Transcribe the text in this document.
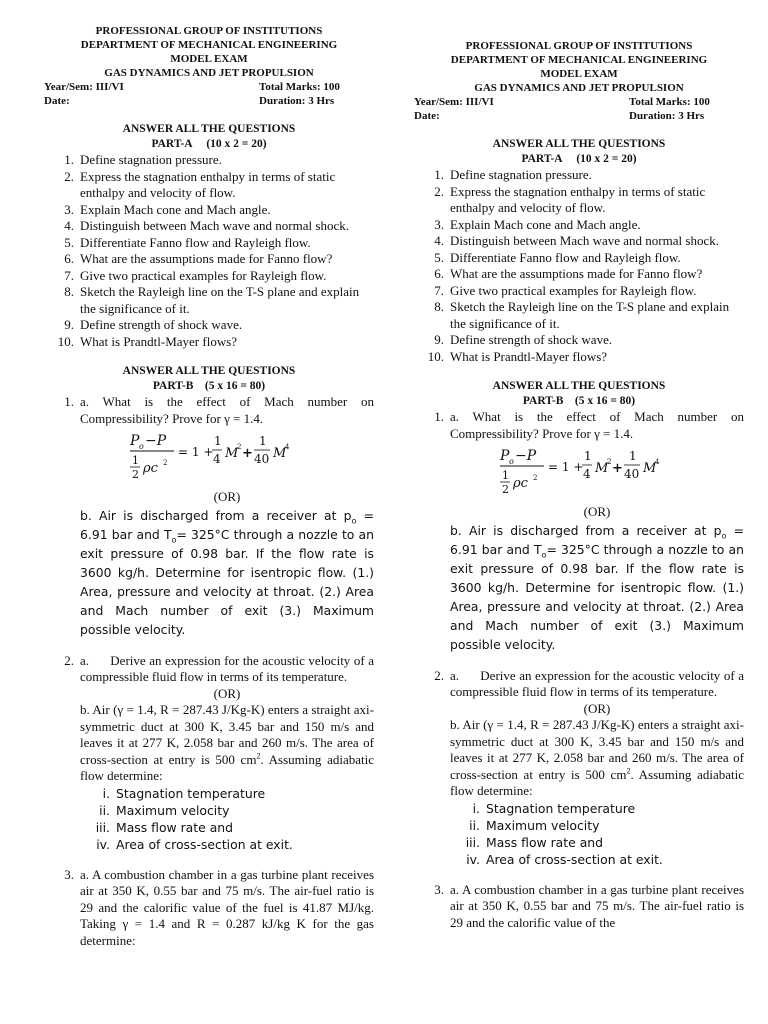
PROFESSIONAL GROUP OF INSTITUTIONS
DEPARTMENT OF MECHANICAL ENGINEERING
MODEL EXAM
GAS DYNAMICS AND JET PROPULSION
Year/Sem: III/VI	Total Marks: 100
Date:	Duration: 3 Hrs
ANSWER ALL THE QUESTIONS
PART-A     (10 x 2 = 20)
1. Define stagnation pressure.
2. Express the stagnation enthalpy in terms of static enthalpy and velocity of flow.
3. Explain Mach cone and Mach angle.
4. Distinguish between Mach wave and normal shock.
5. Differentiate Fanno flow and Rayleigh flow.
6. What are the assumptions made for Fanno flow?
7. Give two practical examples for Rayleigh flow.
8. Sketch the Rayleigh line on the T-S plane and explain the significance of it.
9. Define strength of shock wave.
10. What is Prandtl-Mayer flows?
ANSWER ALL THE QUESTIONS
PART-B    (5 x 16 = 80)
1. a. What is the effect of Mach number on Compressibility? Prove for γ = 1.4.
P o −P
1
2 ρc 2
= 1 +
1
4 M
2 +
1
40 M
4
(OR)
b. Air is discharged from a receiver at $p_o = 6.91$ bar and $T_o= 325^\circ C$ through a nozzle to an exit pressure of 0.98 bar. If the flow rate is 3600 kg/h. Determine for isentropic flow. (1.) Area, pressure and velocity at throat. (2.) Area and Mach number of exit (3.) Maximum possible velocity.
2. a.      Derive an expression for the acoustic velocity of a compressible fluid flow in terms of its temperature.
(OR)
b. Air (γ = 1.4, R = 287.43 J/Kg-K) enters a straight axi-symmetric duct at 300 K, 3.45 bar and 150 m/s and leaves it at 277 K, 2.058 bar and 260 m/s. The area of cross-section at entry is 500 $cm^2$. Assuming adiabatic flow determine:
i. Stagnation temperature
ii. Maximum velocity
iii. Mass flow rate and
iv. Area of cross-section at exit.
3. a. A combustion chamber in a gas turbine plant receives air at 350 K, 0.55 bar and 75 m/s. The air-fuel ratio is 29 and the calorific value of the fuel is 41.87 MJ/kg. Taking γ = 1.4 and R = 0.287 kJ/kg K for the gas determine:
PROFESSIONAL GROUP OF INSTITUTIONS
DEPARTMENT OF MECHANICAL ENGINEERING
MODEL EXAM
GAS DYNAMICS AND JET PROPULSION
Year/Sem: III/VI	Total Marks: 100
Date:	Duration: 3 Hrs
ANSWER ALL THE QUESTIONS
PART-A     (10 x 2 = 20)
1. Define stagnation pressure.
2. Express the stagnation enthalpy in terms of static enthalpy and velocity of flow.
3. Explain Mach cone and Mach angle.
4. Distinguish between Mach wave and normal shock.
5. Differentiate Fanno flow and Rayleigh flow.
6. What are the assumptions made for Fanno flow?
7. Give two practical examples for Rayleigh flow.
8. Sketch the Rayleigh line on the T-S plane and explain the significance of it.
9. Define strength of shock wave.
10. What is Prandtl-Mayer flows?
ANSWER ALL THE QUESTIONS
PART-B    (5 x 16 = 80)
1. a. What is the effect of Mach number on Compressibility? Prove for γ = 1.4.
P o −P
1
2 ρc 2
= 1 +
1
4 M
2 +
1
40 M
4
(OR)
b. Air is discharged from a receiver at $p_o = 6.91$ bar and $T_o= 325^\circ C$ through a nozzle to an exit pressure of 0.98 bar. If the flow rate is 3600 kg/h. Determine for isentropic flow. (1.) Area, pressure and velocity at throat. (2.) Area and Mach number of exit (3.) Maximum possible velocity.
2. a.      Derive an expression for the acoustic velocity of a compressible fluid flow in terms of its temperature.
(OR)
b. Air (γ = 1.4, R = 287.43 J/Kg-K) enters a straight axi-symmetric duct at 300 K, 3.45 bar and 150 m/s and leaves it at 277 K, 2.058 bar and 260 m/s. The area of cross-section at entry is 500 $cm^2$. Assuming adiabatic flow determine:
i. Stagnation temperature
ii. Maximum velocity
iii. Mass flow rate and
iv. Area of cross-section at exit.
3. a. A combustion chamber in a gas turbine plant receives air at 350 K, 0.55 bar and 75 m/s. The air-fuel ratio is 29 and the calorific value of the
